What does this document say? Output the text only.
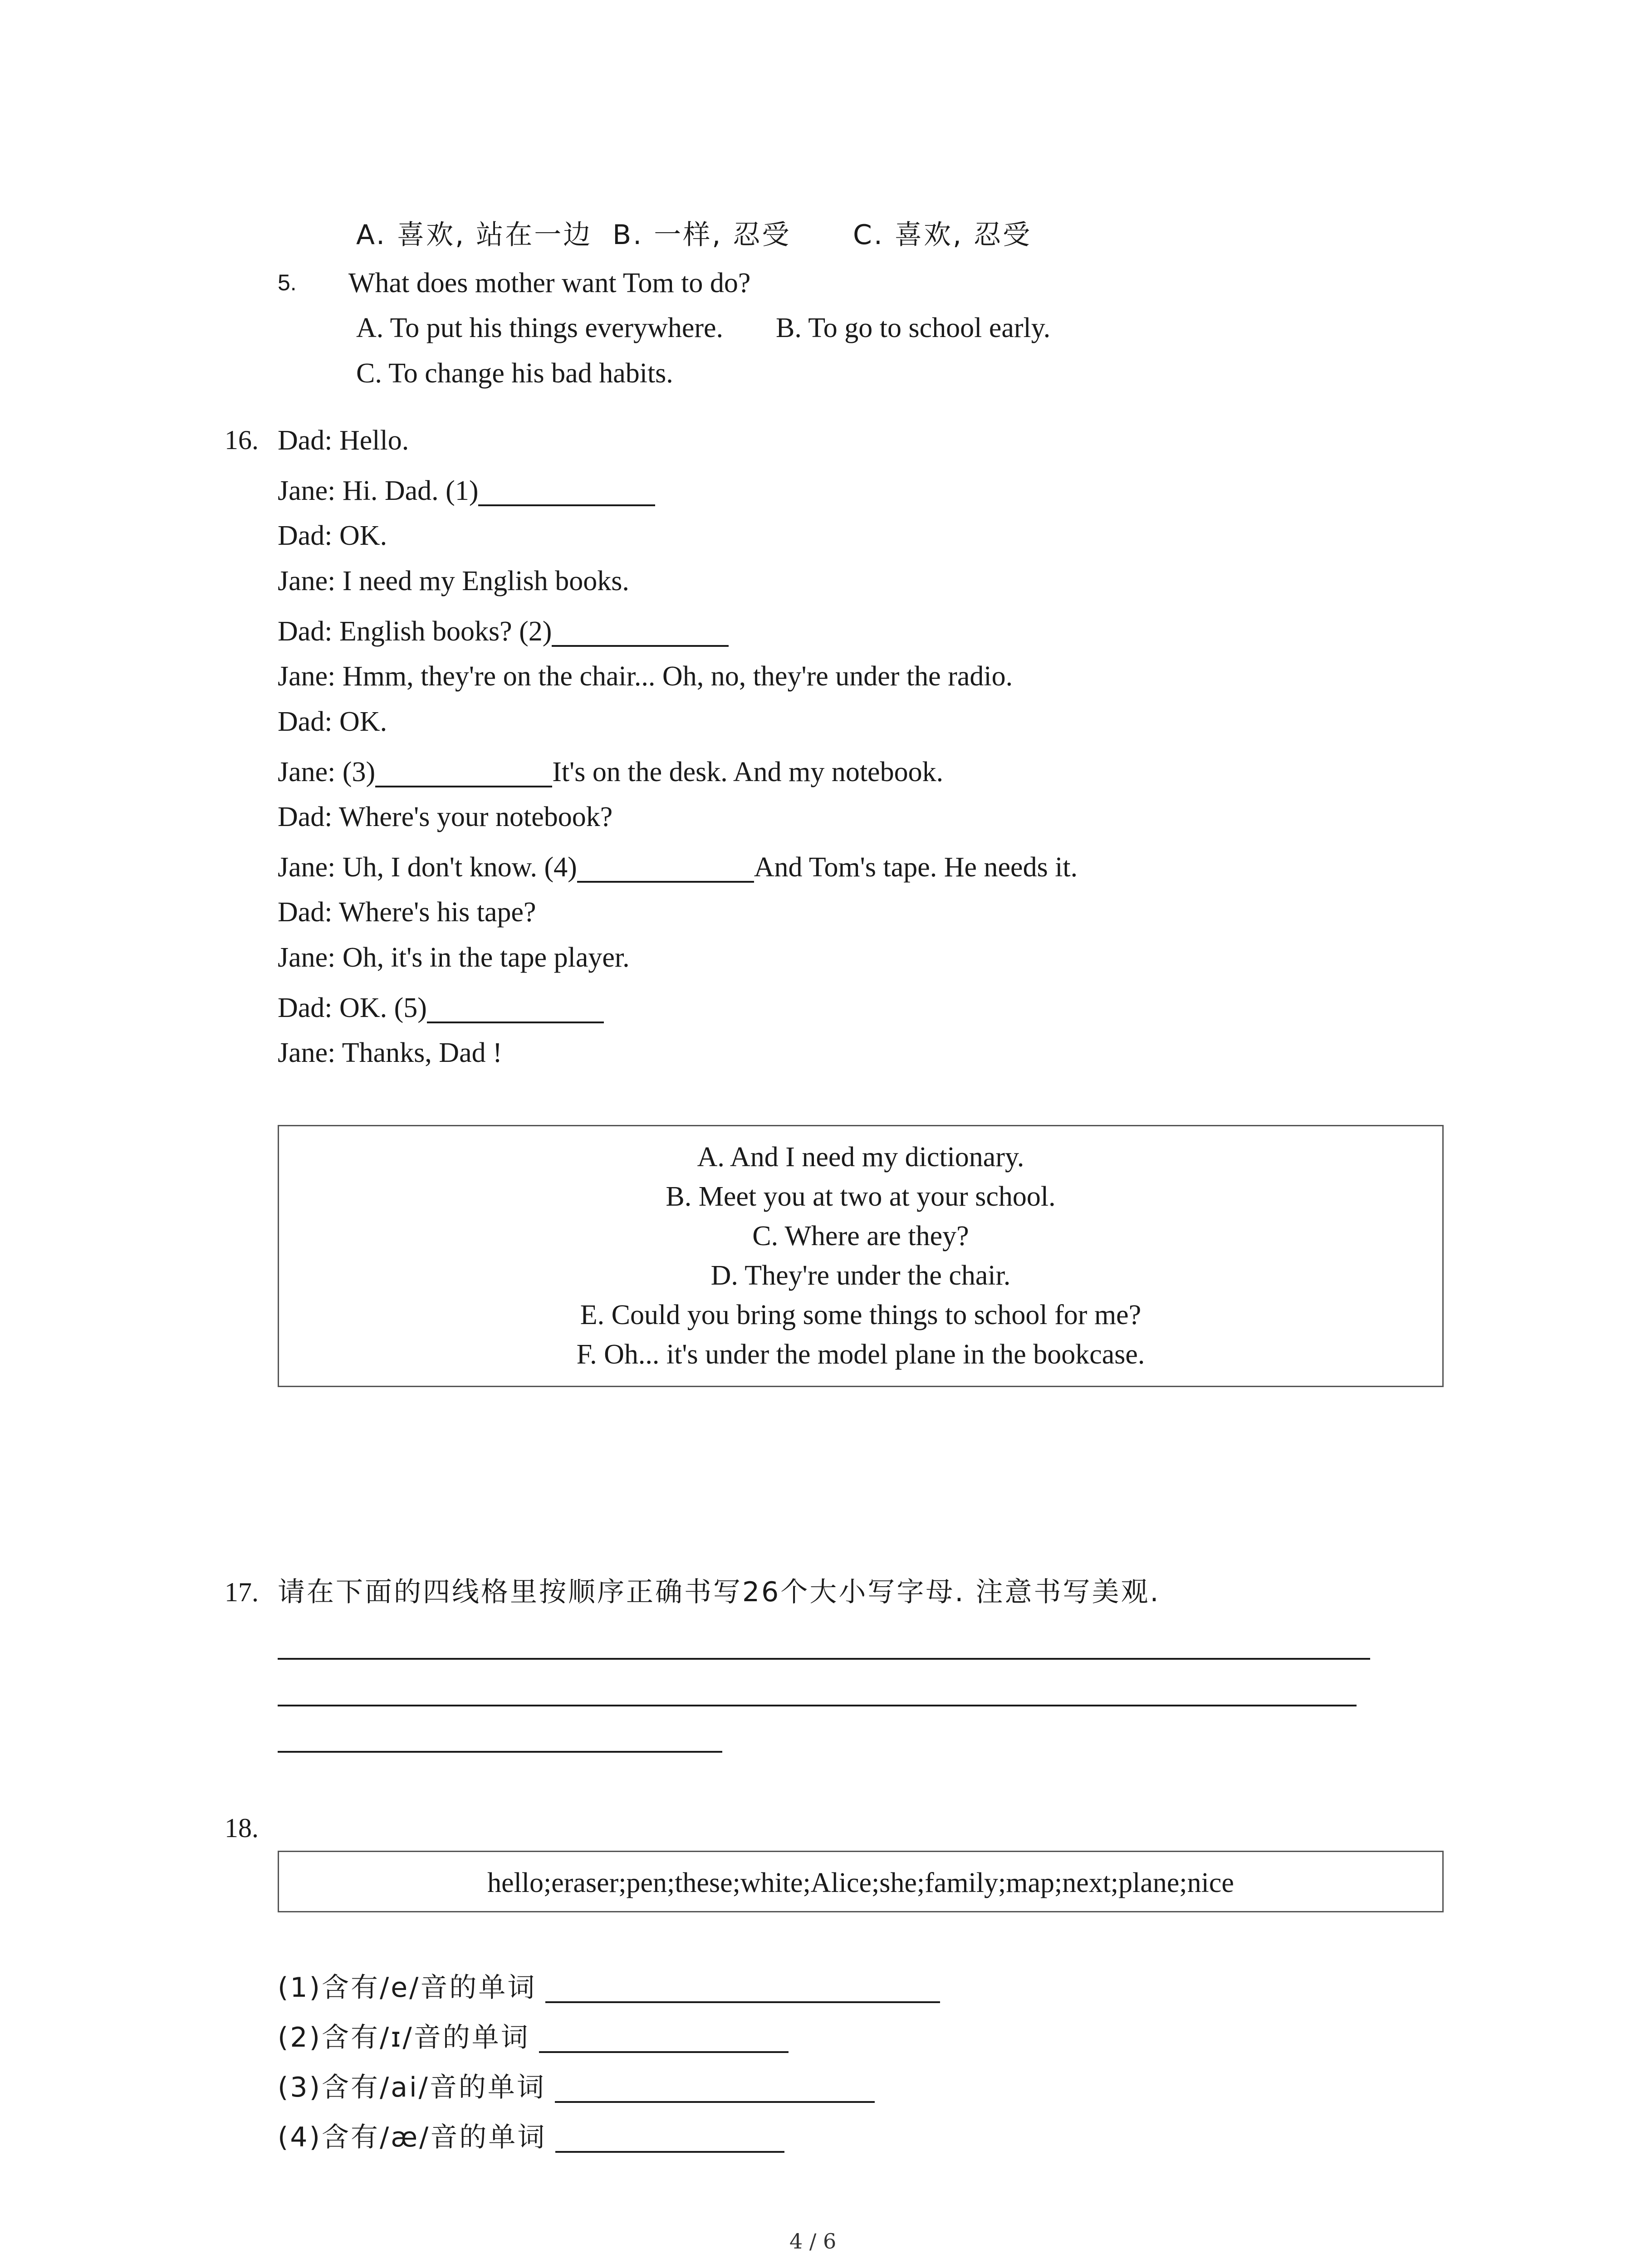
A. 喜欢, 站在一边 B. 一样, 忍受 C. 喜欢, 忍受
5. What does mother want Tom to do?
A. To put his things everywhere. B. To go to school early.
C. To change his bad habits.
16. Dad: Hello.
Jane: Hi. Dad. (1)
Dad: OK.
Jane: I need my English books.
Dad: English books? (2)
Jane: Hmm, they're on the chair... Oh, no, they're under the radio.
Dad: OK.
Jane: (3)	It's on the desk. And my notebook.
Dad: Where's your notebook?
Jane: Uh, I don't know. (4)	And Tom's tape. He needs it.
Dad: Where's his tape?
Jane: Oh, it's in the tape player.
Dad: OK. (5)
Jane: Thanks, Dad !
A. And I need my dictionary.
B. Meet you at two at your school.
C. Where are they?
D. They're under the chair.
E. Could you bring some things to school for me?
F. Oh... it's under the model plane in the bookcase.
17. 请在下面的四线格里按顺序正确书写26个大小写字母. 注意书写美观.
18.
hello;eraser;pen;these;white;Alice;she;family;map;next;plane;nice
(1)含有/e/音的单词
(2)含有/ɪ/音的单词
(3)含有/ai/音的单词
(4)含有/æ/音的单词
4 / 6
